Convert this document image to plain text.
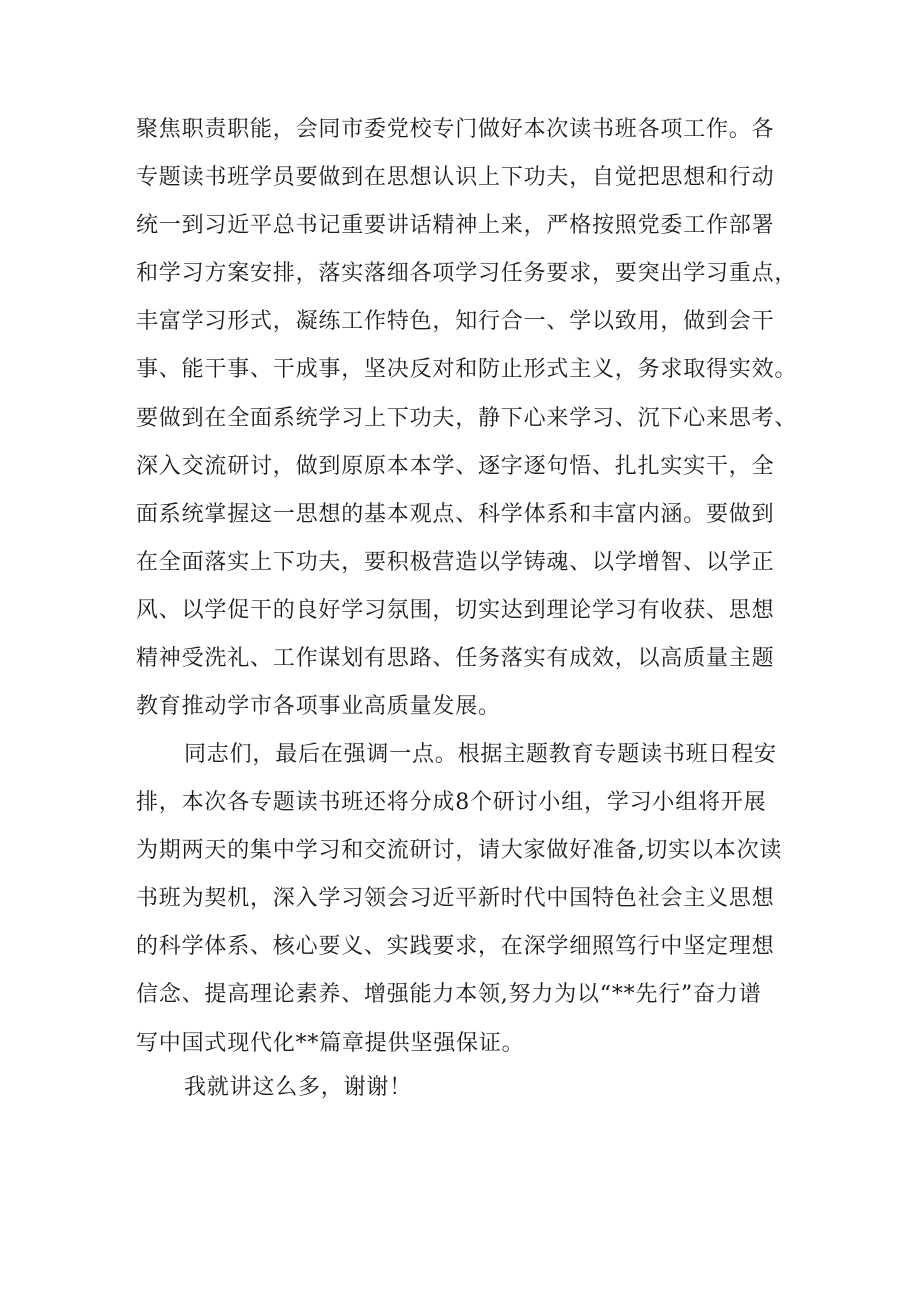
聚焦职责职能，会同市委党校专门做好本次读书班各项工作。各
专题读书班学员要做到在思想认识上下功夫，自觉把思想和行动
统一到习近平总书记重要讲话精神上来，严格按照党委工作部署
和学习方案安排，落实落细各项学习任务要求，要突出学习重点，
丰富学习形式，凝练工作特色，知行合一、学以致用，做到会干
事、能干事、干成事，坚决反对和防止形式主义，务求取得实效。
要做到在全面系统学习上下功夫，静下心来学习、沉下心来思考、
深入交流研讨，做到原原本本学、逐字逐句悟、扎扎实实干，全
面系统掌握这一思想的基本观点、科学体系和丰富内涵。要做到
在全面落实上下功夫，要积极营造以学铸魂、以学增智、以学正
风、以学促干的良好学习氛围，切实达到理论学习有收获、思想
精神受洗礼、工作谋划有思路、任务落实有成效，以高质量主题
教育推动学市各项事业高质量发展。
同志们，最后在强调一点。根据主题教育专题读书班日程安
排，本次各专题读书班还将分成8个研讨小组，学习小组将开展
为期两天的集中学习和交流研讨，请大家做好准备,切实以本次读
书班为契机，深入学习领会习近平新时代中国特色社会主义思想
的科学体系、核心要义、实践要求，在深学细照笃行中坚定理想
信念、提高理论素养、增强能力本领,努力为以“**先行”奋力谱
写中国式现代化**篇章提供坚强保证。
我就讲这么多，谢谢！
